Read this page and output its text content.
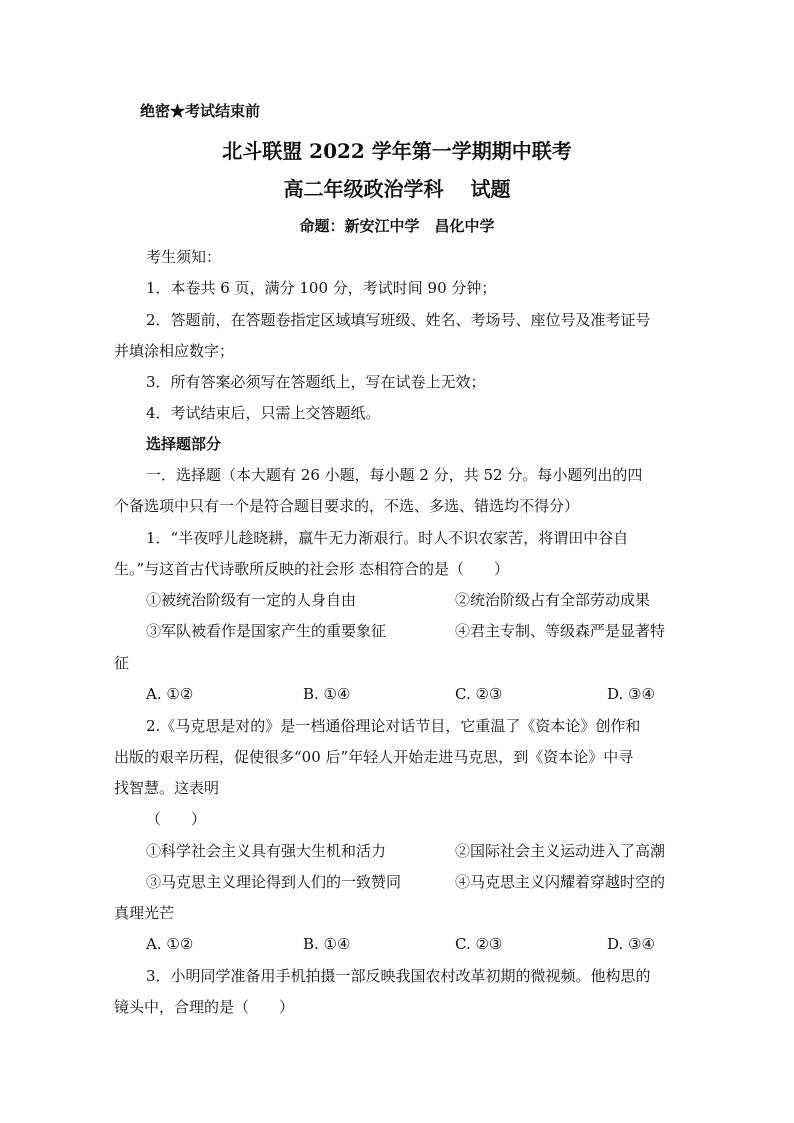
绝密★考试结束前
北斗联盟 2022 学年第一学期期中联考
高二年级政治学科　 试题
命题：新安江中学　昌化中学
考生须知：
1．本卷共 6 页，满分 100 分，考试时间 90 分钟；
2．答题前，在答题卷指定区域填写班级、姓名、考场号、座位号及准考证号
并填涂相应数字；
3．所有答案必须写在答题纸上，写在试卷上无效；
4．考试结束后，只需上交答题纸。
选择题部分
一．选择题（本大题有 26 小题，每小题 2 分，共 52 分。每小题列出的四
个备选项中只有一个是符合题目要求的，不选、多选、错选均不得分）
1．“半夜呼儿趁晓耕，羸牛无力渐艰行。时人不识农家苦，将谓田中谷自
生。”与这首古代诗歌所反映的社会形 态相符合的是（　　）
①被统治阶级有一定的人身自由	②统治阶级占有全部劳动成果
③军队被看作是国家产生的重要象征	④君主专制、等级森严是显著特
征
A. ①②	B. ①④	C. ②③	D. ③④
2.《马克思是对的》是一档通俗理论对话节目，它重温了《资本论》创作和
出版的艰辛历程，促使很多“00 后”年轻人开始走进马克思，到《资本论》中寻
找智慧。这表明
（　　）
①科学社会主义具有强大生机和活力	②国际社会主义运动进入了高潮
③马克思主义理论得到人们的一致赞同	④马克思主义闪耀着穿越时空的
真理光芒
A. ①②	B. ①④	C. ②③	D. ③④
3．小明同学准备用手机拍摄一部反映我国农村改革初期的微视频。他构思的
镜头中，合理的是（　　）
